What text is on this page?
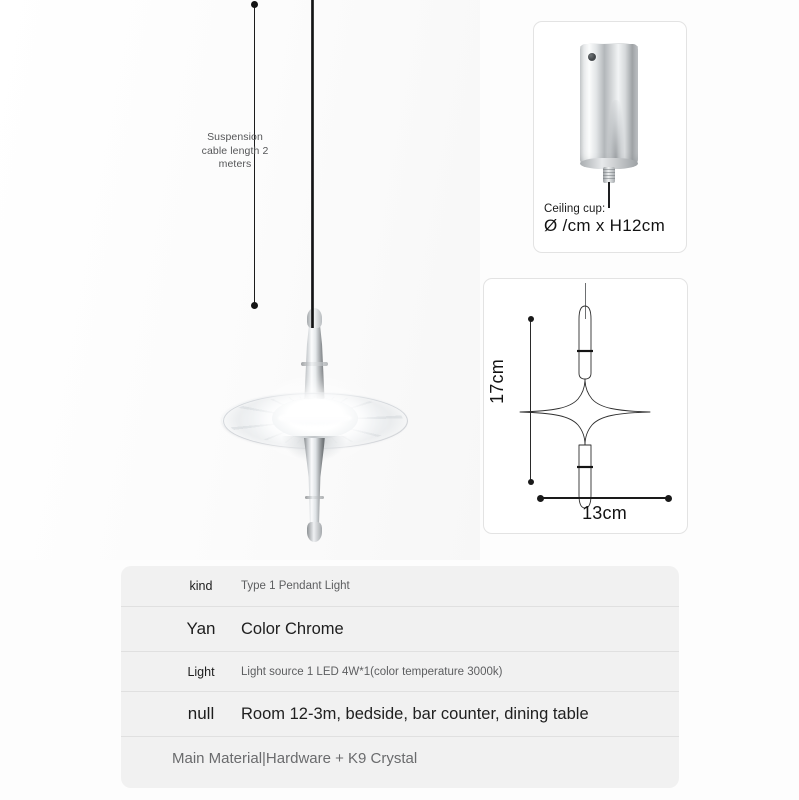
Suspension cable length 2 meters
Ceiling cup:
Ø /cm x H12cm
17cm
13cm
kind	Type 1 Pendant Light
Yan	Color Chrome
Light	Light source 1 LED 4W*1(color temperature 3000k)
null	Room 12-3m, bedside, bar counter, dining table
Main Material|Hardware + K9 Crystal
